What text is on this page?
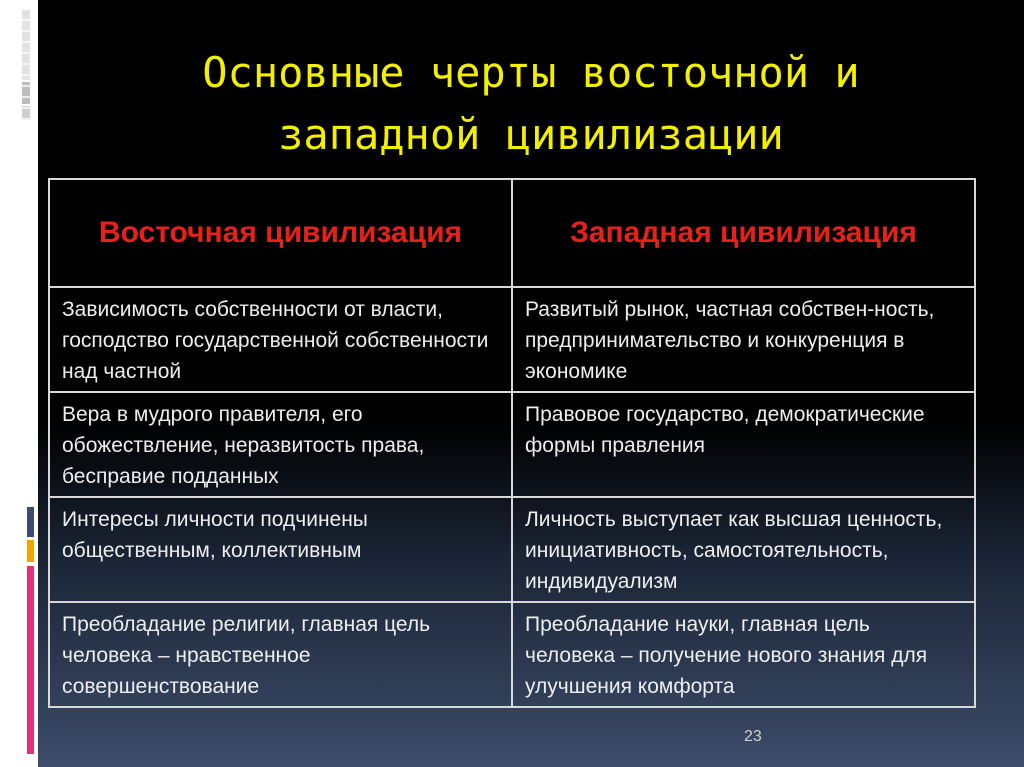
Основные черты восточной и
западной цивилизации
Восточная цивилизация	Западная цивилизация
Зависимость собственности от власти, господство государственной собственности над частной	Развитый рынок, частная собствен-ность, предпринимательство и конкуренция в экономике
Вера в мудрого правителя, его обожествление, неразвитость права, бесправие подданных	Правовое государство, демократические формы правления
Интересы личности подчинены общественным, коллективным	Личность выступает как высшая ценность, инициативность, самостоятельность, индивидуализм
Преобладание религии, главная цель человека – нравственное совершенствование	Преобладание науки, главная цель человека – получение нового знания для улучшения комфорта
23
